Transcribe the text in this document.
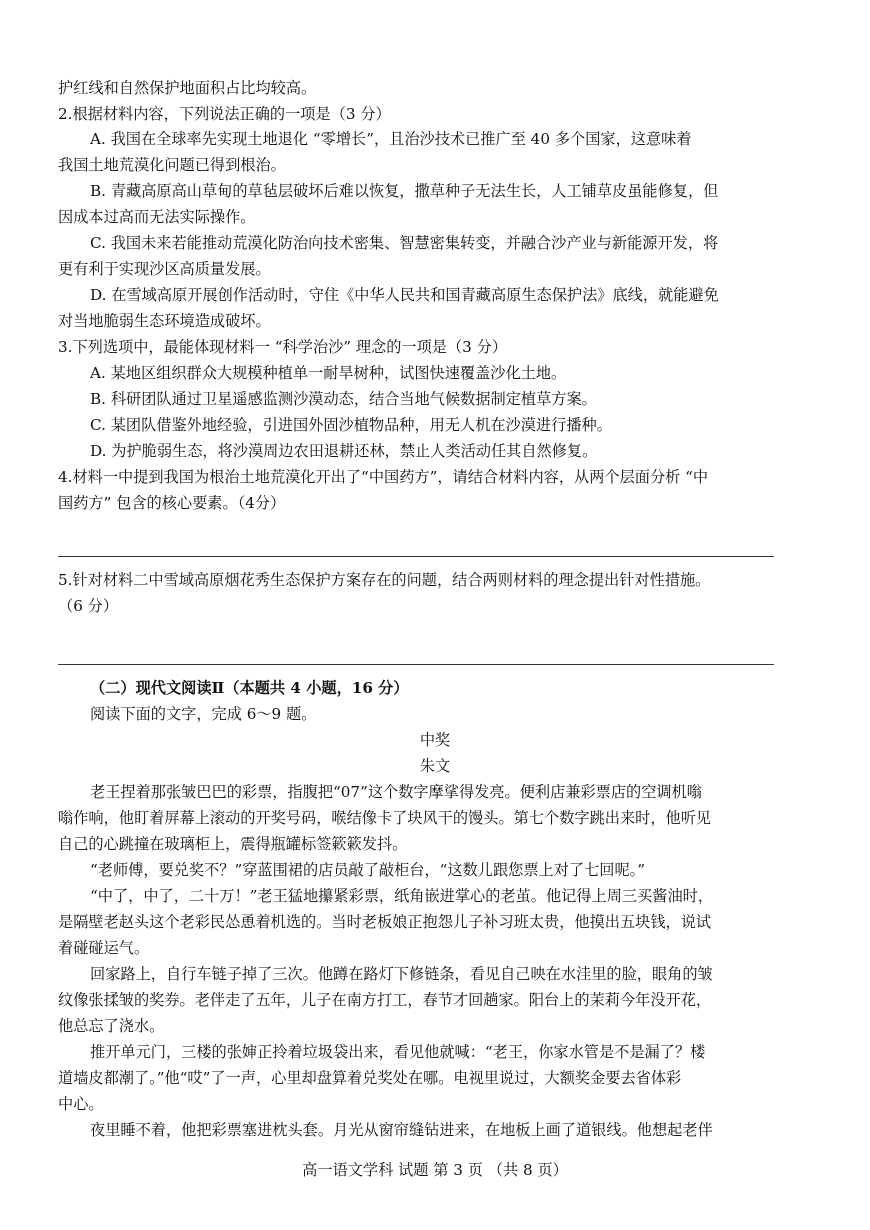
护红线和自然保护地面积占比均较高。
2.根据材料内容，下列说法正确的一项是（3 分）
A. 我国在全球率先实现土地退化 “零增长”，且治沙技术已推广至 40 多个国家，这意味着
我国土地荒漠化问题已得到根治。
B. 青藏高原高山草甸的草毡层破坏后难以恢复，撒草种子无法生长，人工铺草皮虽能修复，但
因成本过高而无法实际操作。
C. 我国未来若能推动荒漠化防治向技术密集、智慧密集转变，并融合沙产业与新能源开发，将
更有利于实现沙区高质量发展。
D. 在雪域高原开展创作活动时，守住《中华人民共和国青藏高原生态保护法》底线，就能避免
对当地脆弱生态环境造成破坏。
3.下列选项中，最能体现材料一 “科学治沙” 理念的一项是（3 分）
A. 某地区组织群众大规模种植单一耐旱树种，试图快速覆盖沙化土地。
B. 科研团队通过卫星遥感监测沙漠动态，结合当地气候数据制定植草方案。
C. 某团队借鉴外地经验，引进国外固沙植物品种，用无人机在沙漠进行播种。
D. 为护脆弱生态，将沙漠周边农田退耕还林，禁止人类活动任其自然修复。
4.材料一中提到我国为根治土地荒漠化开出了“中国药方”，请结合材料内容，从两个层面分析 “中
国药方” 包含的核心要素。（4分）
5.针对材料二中雪域高原烟花秀生态保护方案存在的问题，结合两则材料的理念提出针对性措施。
（6 分）
（二）现代文阅读Ⅱ（本题共 4 小题，16 分）
阅读下面的文字，完成 6～9 题。
中奖
朱文
老王捏着那张皱巴巴的彩票，指腹把“07”这个数字摩挲得发亮。便利店兼彩票店的空调机嗡
嗡作响，他盯着屏幕上滚动的开奖号码，喉结像卡了块风干的馒头。第七个数字跳出来时，他听见
自己的心跳撞在玻璃柜上，震得瓶罐标签簌簌发抖。
“老师傅，要兑奖不？”穿蓝围裙的店员敲了敲柜台，“这数儿跟您票上对了七回呢。”
“中了，中了，二十万！”老王猛地攥紧彩票，纸角嵌进掌心的老茧。他记得上周三买酱油时，
是隔壁老赵头这个老彩民怂恿着机选的。当时老板娘正抱怨儿子补习班太贵，他摸出五块钱，说试
着碰碰运气。
回家路上，自行车链子掉了三次。他蹲在路灯下修链条，看见自己映在水洼里的脸，眼角的皱
纹像张揉皱的奖券。老伴走了五年，儿子在南方打工，春节才回趟家。阳台上的茉莉今年没开花，
他总忘了浇水。
推开单元门，三楼的张婶正拎着垃圾袋出来，看见他就喊：“老王，你家水管是不是漏了？楼
道墙皮都潮了。”他“哎”了一声，心里却盘算着兑奖处在哪。电视里说过，大额奖金要去省体彩
中心。
夜里睡不着，他把彩票塞进枕头套。月光从窗帘缝钻进来，在地板上画了道银线。他想起老伴
高一语文学科 试题 第 3 页 （共 8 页）
